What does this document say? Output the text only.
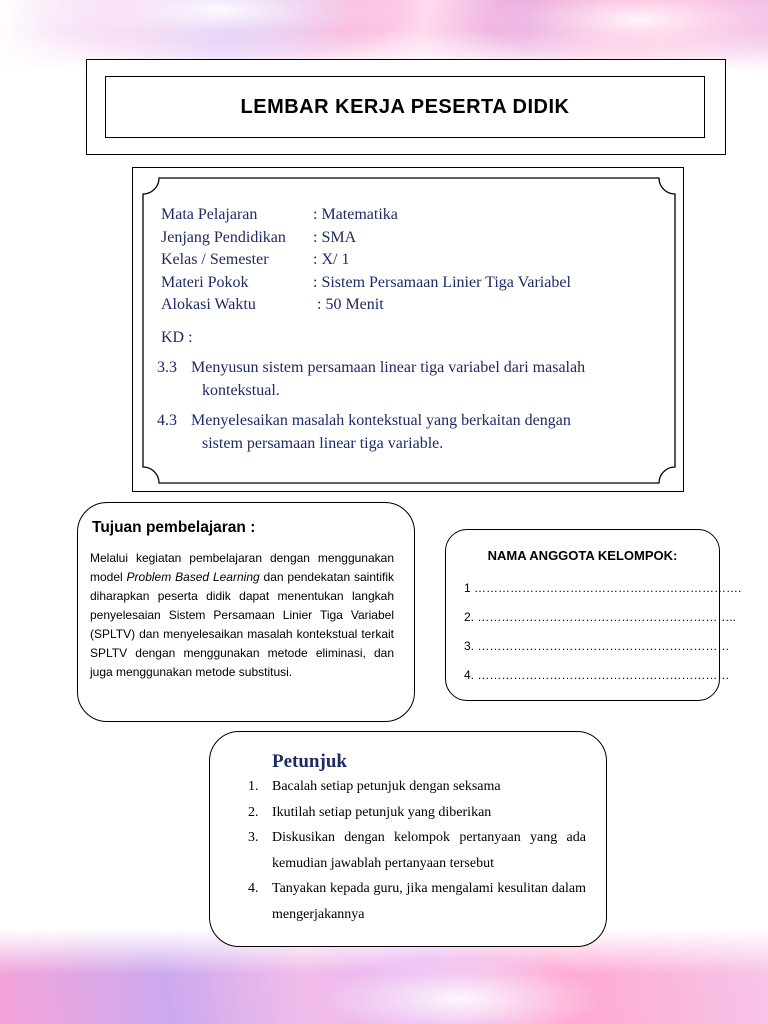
LEMBAR KERJA PESERTA DIDIK
Mata Pelajaran	: Matematika
Jenjang Pendidikan	: SMA
Kelas / Semester	: X/ 1
Materi Pokok	: Sistem Persamaan Linier Tiga Variabel
Alokasi Waktu	: 50 Menit
KD :
3.3 Menyusun sistem persamaan linear tiga variabel dari masalah
kontekstual.
4.3 Menyelesaikan masalah kontekstual yang berkaitan dengan
sistem persamaan linear tiga variable.
Tujuan pembelajaran :
Melalui kegiatan pembelajaran dengan menggunakan model Problem Based Learning dan pendekatan saintifik diharapkan peserta didik dapat menentukan langkah penyelesaian Sistem Persamaan Linier Tiga Variabel (SPLTV) dan menyelesaikan masalah kontekstual terkait SPLTV dengan menggunakan metode eliminasi, dan juga menggunakan metode substitusi.
NAMA ANGGOTA KELOMPOK:
1 ………………………………………………………….
2. ………………………………………………………..
3. ………………………………………………………
4. ………………………………………………………
Petunjuk
1. Bacalah setiap petunjuk dengan seksama
2. Ikutilah setiap petunjuk yang diberikan
3. Diskusikan dengan kelompok pertanyaan yang ada kemudian jawablah pertanyaan tersebut
4. Tanyakan kepada guru, jika mengalami kesulitan dalam mengerjakannya
